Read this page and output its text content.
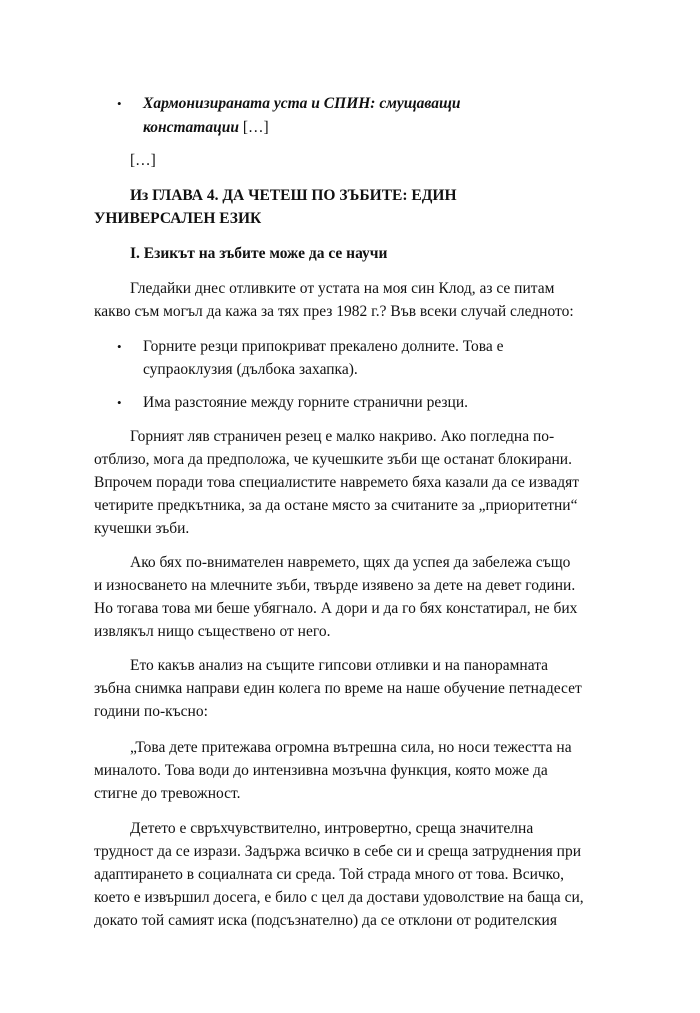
• Хармонизираната уста и СПИН: смущаващи

констатации […]

[…]

Из ГЛАВА 4. ДА ЧЕТЕШ ПО ЗЪБИТЕ: ЕДИН

УНИВЕРСАЛЕН ЕЗИК

I. Езикът на зъбите може да се научи

Гледайки днес отливките от устата на моя син Клод, аз се питам

какво съм могъл да кажа за тях през 1982 г.? Във всеки случай следното:

• Горните резци припокриват прекалено долните. Това е

супраоклузия (дълбока захапка).

• Има разстояние между горните странични резци.

Горният ляв страничен резец е малко накриво. Ако погледна по-

отблизо, мога да предположа, че кучешките зъби ще останат блокирани.

Впрочем поради това специалистите навремето бяха казали да се извадят

четирите предкътника, за да остане място за считаните за „приоритетни“

кучешки зъби.

Ако бях по-внимателен навремето, щях да успея да забележа също

и износването на млечните зъби, твърде изявено за дете на девет години.

Но тогава това ми беше убягнало. А дори и да го бях констатирал, не бих

извлякъл нищо съществено от него.

Ето какъв анализ на същите гипсови отливки и на панорамната

зъбна снимка направи един колега по време на наше обучение петнадесет

години по-късно:

„Това дете притежава огромна вътрешна сила, но носи тежестта на

миналото. Това води до интензивна мозъчна функция, която може да

стигне до тревожност.

Детето е свръхчувствително, интровертно, среща значителна

трудност да се изрази. Задържа всичко в себе си и среща затруднения при

адаптирането в социалната си среда. Той страда много от това. Всичко,

което е извършил досега, е било с цел да достави удоволствие на баща си,

докато той самият иска (подсъзнателно) да се отклони от родителския
